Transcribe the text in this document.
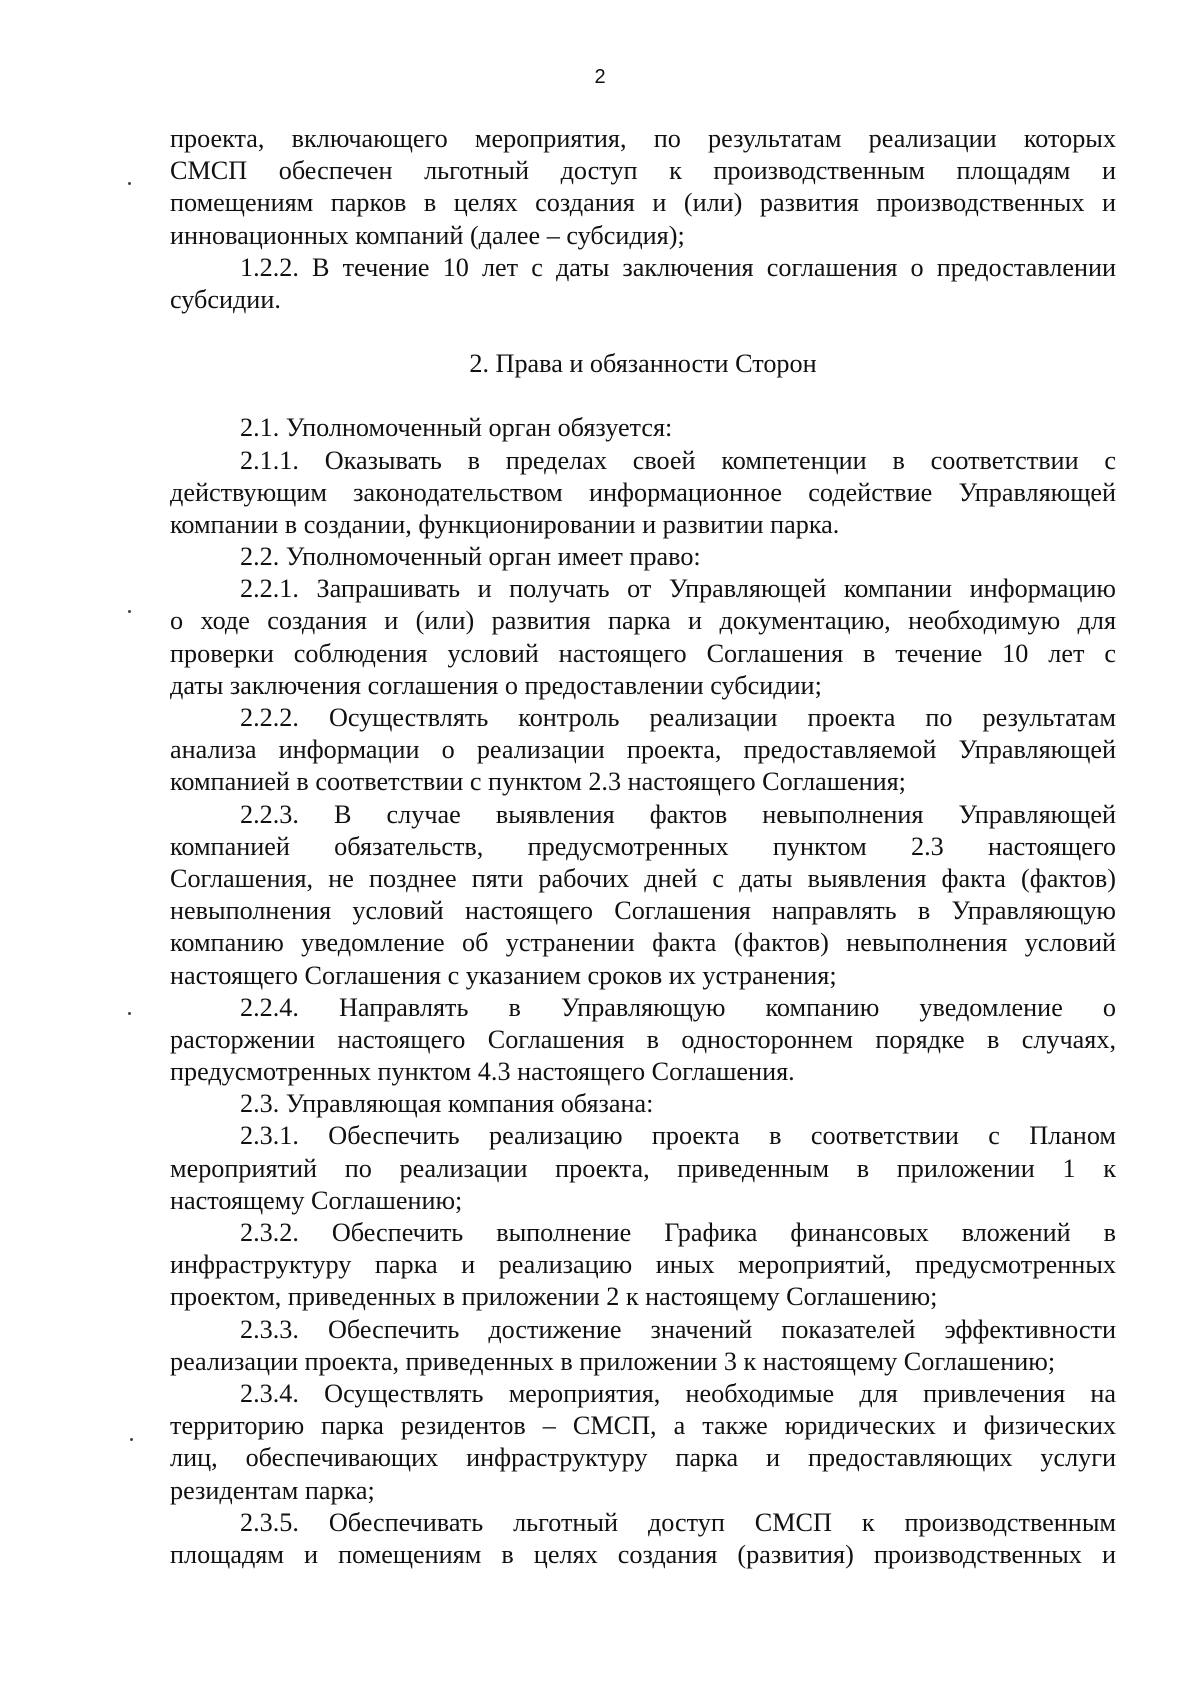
2
проекта, включающего мероприятия, по результатам реализации которых
СМСП обеспечен льготный доступ к производственным площадям и
помещениям парков в целях создания и (или) развития производственных и
инновационных компаний (далее – субсидия);
1.2.2. В течение 10 лет с даты заключения соглашения о предоставлении
субсидии.
2. Права и обязанности Сторон
2.1. Уполномоченный орган обязуется:
2.1.1. Оказывать в пределах своей компетенции в соответствии с
действующим законодательством информационное содействие Управляющей
компании в создании, функционировании и развитии парка.
2.2. Уполномоченный орган имеет право:
2.2.1. Запрашивать и получать от Управляющей компании информацию
о ходе создания и (или) развития парка и документацию, необходимую для
проверки соблюдения условий настоящего Соглашения в течение 10 лет с
даты заключения соглашения о предоставлении субсидии;
2.2.2. Осуществлять контроль реализации проекта по результатам
анализа информации о реализации проекта, предоставляемой Управляющей
компанией в соответствии с пунктом 2.3 настоящего Соглашения;
2.2.3. В случае выявления фактов невыполнения Управляющей
компанией обязательств, предусмотренных пунктом 2.3 настоящего
Соглашения, не позднее пяти рабочих дней с даты выявления факта (фактов)
невыполнения условий настоящего Соглашения направлять в Управляющую
компанию уведомление об устранении факта (фактов) невыполнения условий
настоящего Соглашения с указанием сроков их устранения;
2.2.4. Направлять в Управляющую компанию уведомление о
расторжении настоящего Соглашения в одностороннем порядке в случаях,
предусмотренных пунктом 4.3 настоящего Соглашения.
2.3. Управляющая компания обязана:
2.3.1. Обеспечить реализацию проекта в соответствии с Планом
мероприятий по реализации проекта, приведенным в приложении 1 к
настоящему Соглашению;
2.3.2. Обеспечить выполнение Графика финансовых вложений в
инфраструктуру парка и реализацию иных мероприятий, предусмотренных
проектом, приведенных в приложении 2 к настоящему Соглашению;
2.3.3. Обеспечить достижение значений показателей эффективности
реализации проекта, приведенных в приложении 3 к настоящему Соглашению;
2.3.4. Осуществлять мероприятия, необходимые для привлечения на
территорию парка резидентов – СМСП, а также юридических и физических
лиц, обеспечивающих инфраструктуру парка и предоставляющих услуги
резидентам парка;
2.3.5. Обеспечивать льготный доступ СМСП к производственным
площадям и помещениям в целях создания (развития) производственных и
